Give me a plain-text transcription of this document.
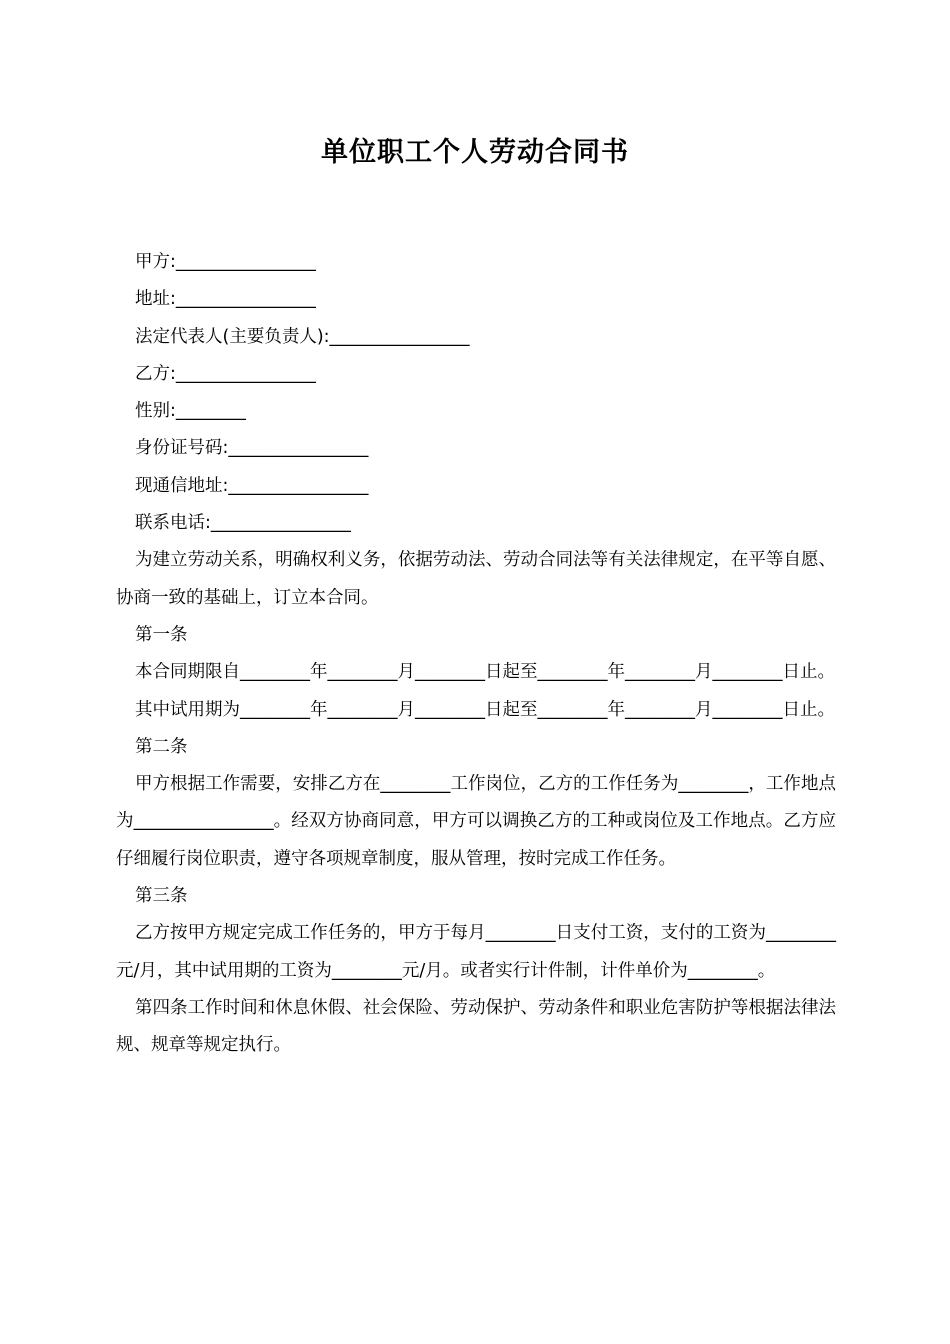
单位职工个人劳动合同书
甲方:________________
地址:________________
法定代表人(主要负责人):________________
乙方:________________
性别:________
身份证号码:________________
现通信地址:________________
联系电话:________________

为建立劳动关系，明确权利义务，依据劳动法、劳动合同法等有关法律规定，在平等自愿、协商一致的基础上，订立本合同。

第一条

本合同期限自________年________月________日起至________年________月________日止。

其中试用期为________年________月________日起至________年________月________日止。

第二条

甲方根据工作需要，安排乙方在________工作岗位，乙方的工作任务为________，工作地点为________________。经双方协商同意，甲方可以调换乙方的工种或岗位及工作地点。乙方应仔细履行岗位职责，遵守各项规章制度，服从管理，按时完成工作任务。

第三条

乙方按甲方规定完成工作任务的，甲方于每月________日支付工资，支付的工资为________元/月，其中试用期的工资为________元/月。或者实行计件制，计件单价为________。

第四条工作时间和休息休假、社会保险、劳动保护、劳动条件和职业危害防护等根据法律法规、规章等规定执行。
